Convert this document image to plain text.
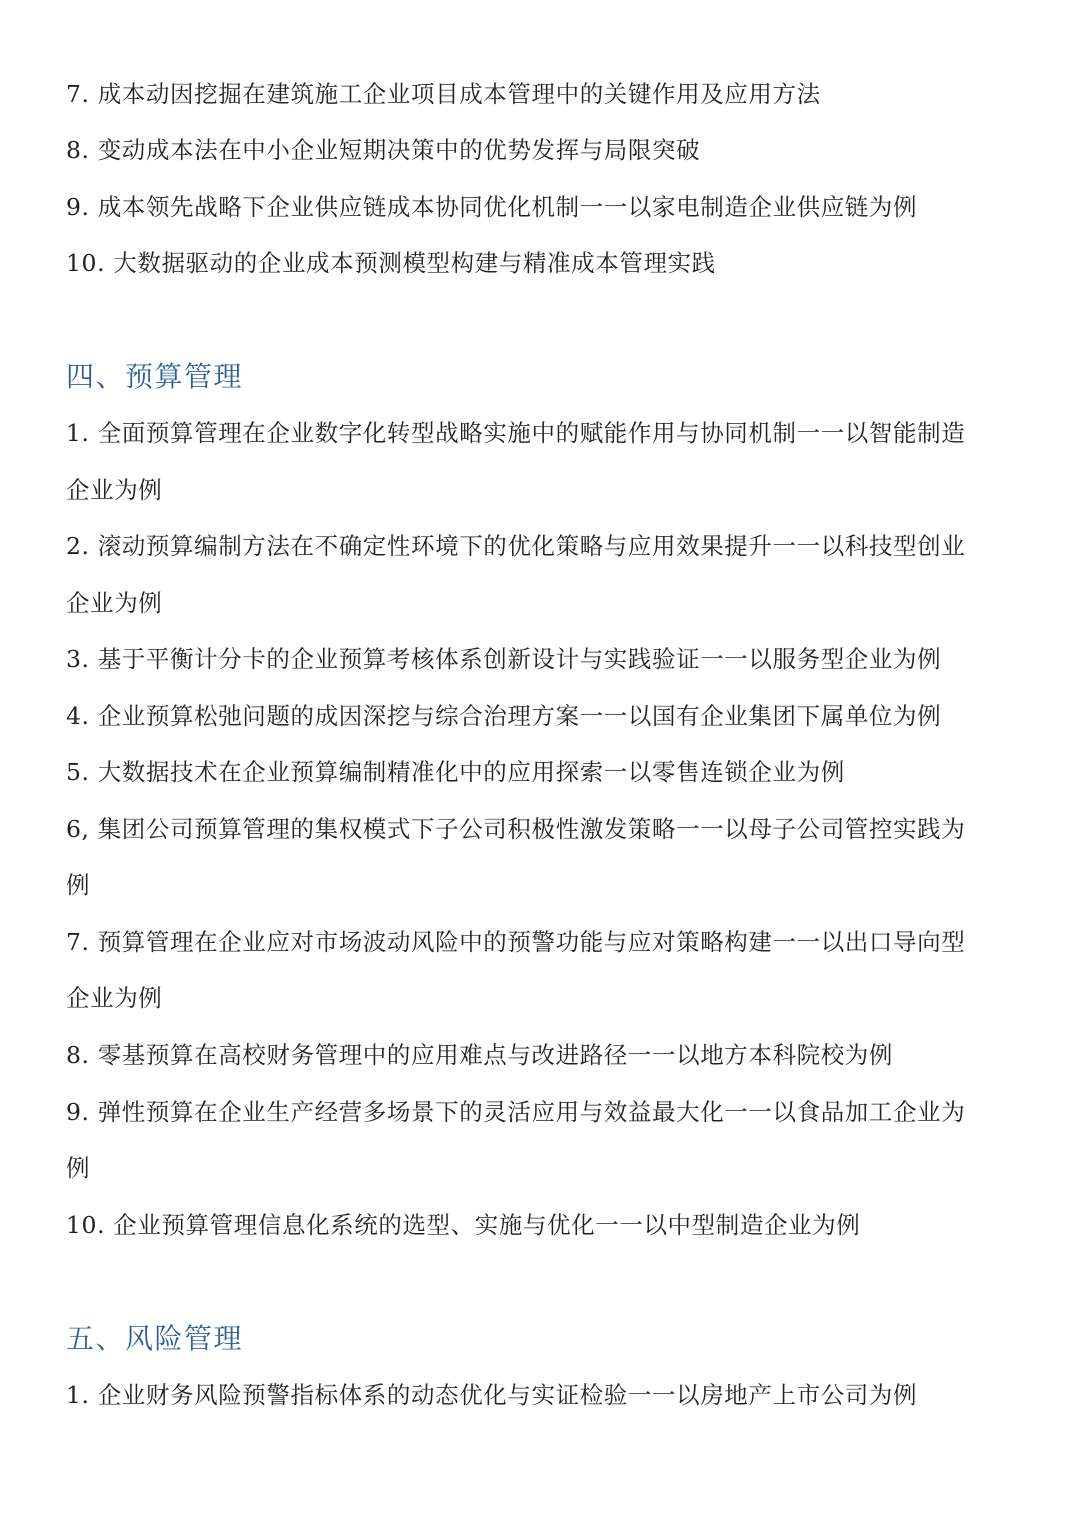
7. 成本动因挖掘在建筑施工企业项目成本管理中的关键作用及应用方法
8. 变动成本法在中小企业短期决策中的优势发挥与局限突破
9. 成本领先战略下企业供应链成本协同优化机制一一以家电制造企业供应链为例
10. 大数据驱动的企业成本预测模型构建与精准成本管理实践
四、预算管理
1. 全面预算管理在企业数字化转型战略实施中的赋能作用与协同机制一一以智能制造
企业为例
2. 滚动预算编制方法在不确定性环境下的优化策略与应用效果提升一一以科技型创业
企业为例
3. 基于平衡计分卡的企业预算考核体系创新设计与实践验证一一以服务型企业为例
4. 企业预算松弛问题的成因深挖与综合治理方案一一以国有企业集团下属单位为例
5. 大数据技术在企业预算编制精准化中的应用探索一以零售连锁企业为例
6, 集团公司预算管理的集权模式下子公司积极性激发策略一一以母子公司管控实践为
例
7. 预算管理在企业应对市场波动风险中的预警功能与应对策略构建一一以出口导向型
企业为例
8. 零基预算在高校财务管理中的应用难点与改进路径一一以地方本科院校为例
9. 弹性预算在企业生产经营多场景下的灵活应用与效益最大化一一以食品加工企业为
例
10. 企业预算管理信息化系统的选型、实施与优化一一以中型制造企业为例
五、风险管理
1. 企业财务风险预警指标体系的动态优化与实证检验一一以房地产上市公司为例
